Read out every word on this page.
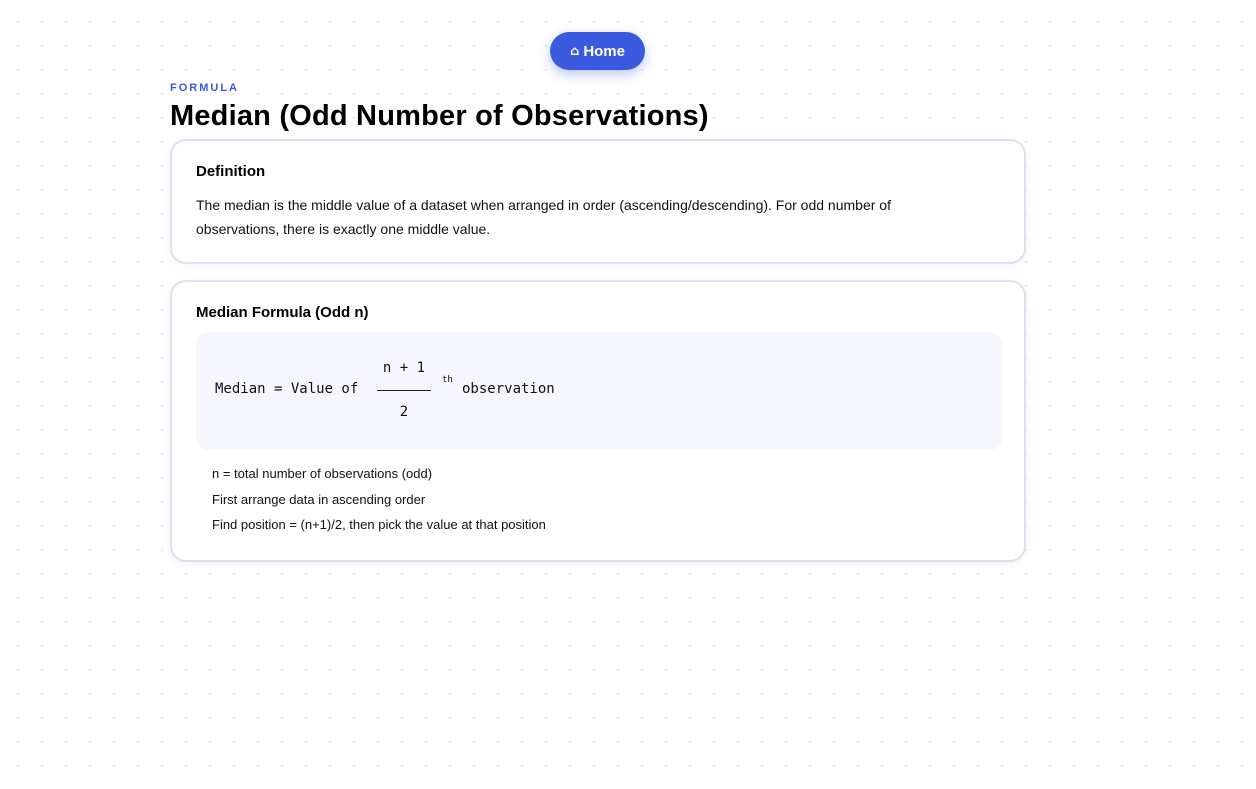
⌂ Home
FORMULA
Median (Odd Number of Observations)
Definition

The median is the middle value of a dataset when arranged in order (ascending/descending). For odd number of observations, there is exactly one middle value.

Median Formula (Odd n)
Median = Value of
n + 1
2
th
observation
n = total number of observations (odd)
First arrange data in ascending order
Find position = (n+1)/2, then pick the value at that position
